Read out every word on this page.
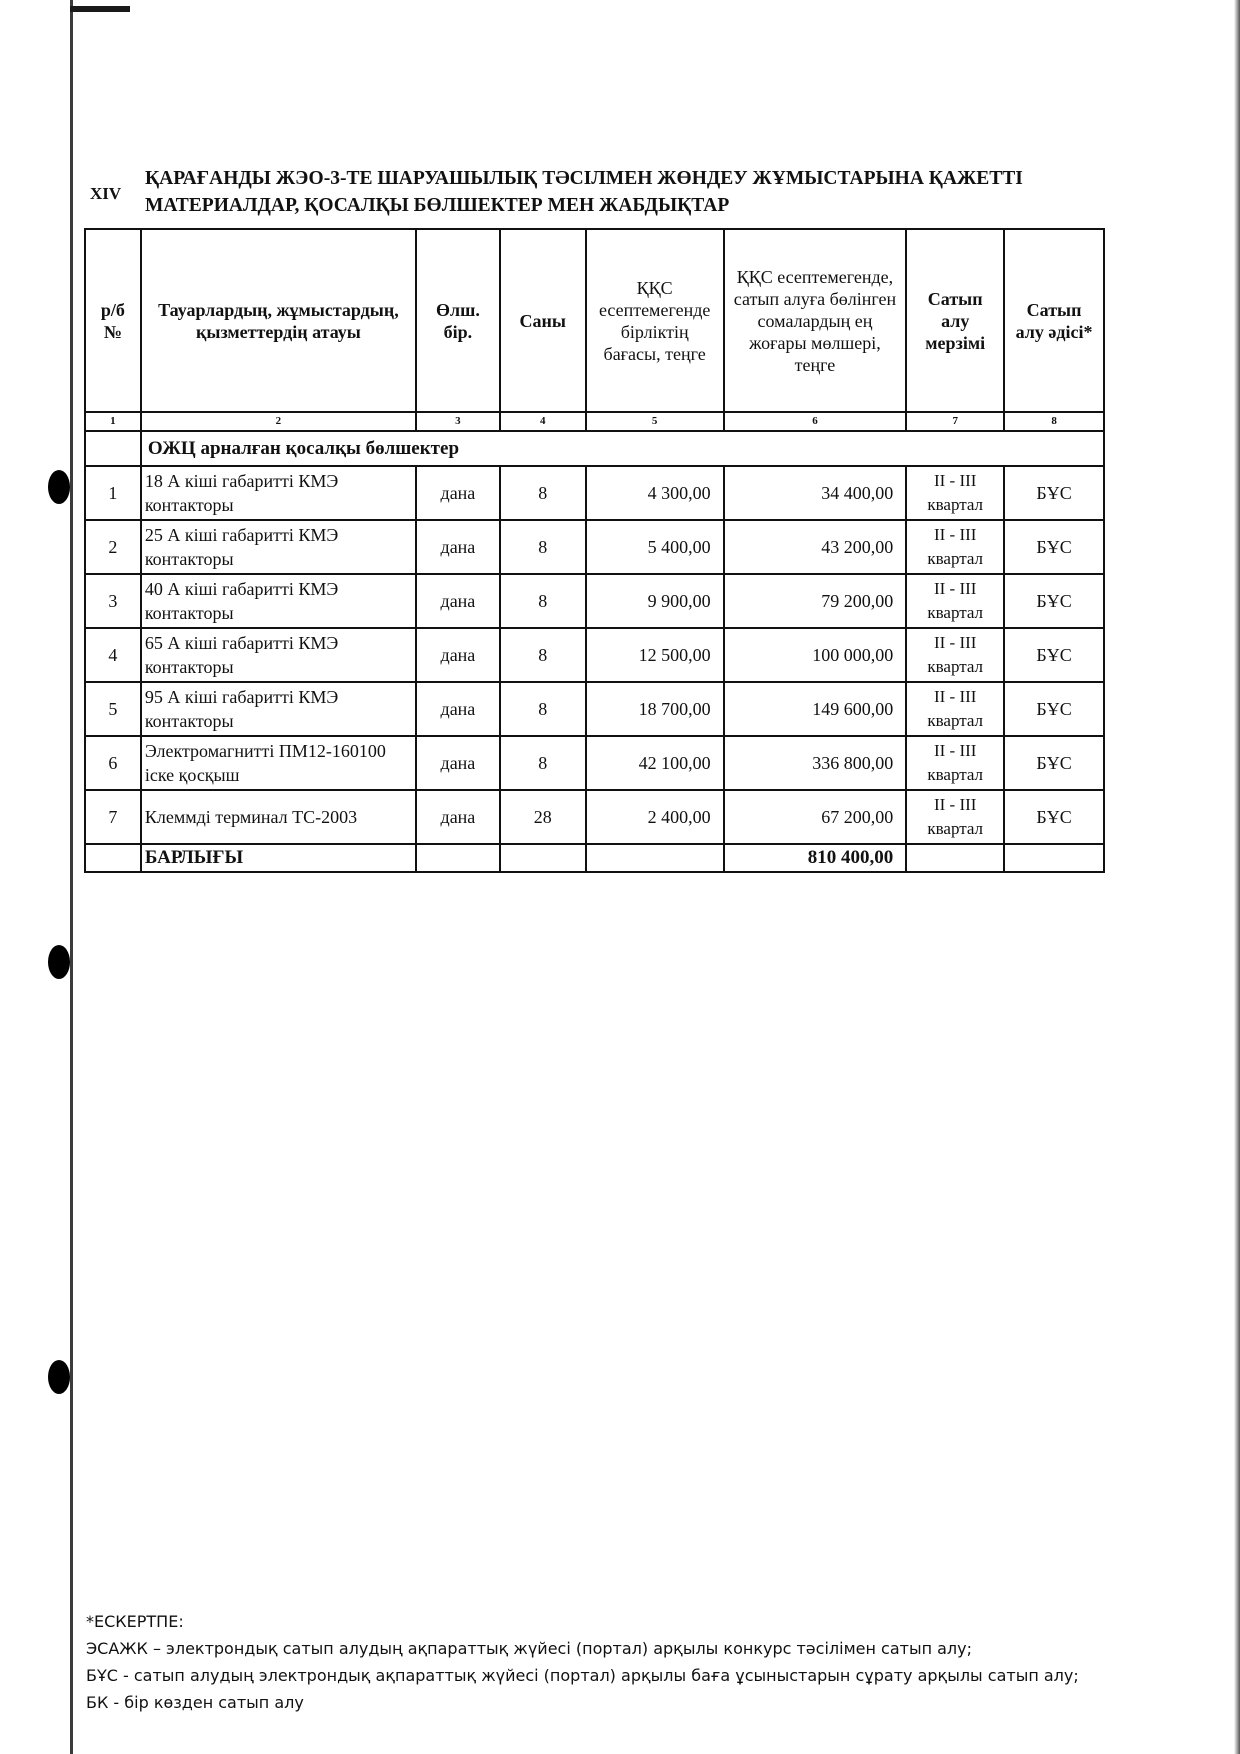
XIV
ҚАРАҒАНДЫ ЖЭО-3-ТЕ ШАРУАШЫЛЫҚ ТӘСІЛМЕН ЖӨНДЕУ ЖҰМЫСТАРЫНА ҚАЖЕТТІ МАТЕРИАЛДАР, ҚОСАЛҚЫ БӨЛШЕКТЕР МЕН ЖАБДЫҚТАР
р/б №	Тауарлардың, жұмыстардың, қызметтердің атауы	Өлш. бір.	Саны	ҚҚС есептемегенде бірліктің бағасы, теңге	ҚҚС есептемегенде, сатып алуға бөлінген сомалардың ең жоғары мөлшері, теңге	Сатып алу мерзімі	Сатып алу әдісі*
1	2	3	4	5	6	7	8
	ОЖЦ арналған қосалқы бөлшектер						
1	18 А кіші габаритті КМЭ контакторы	дана	8	4 300,00	34 400,00	II - III квартал	БҰС
2	25 А кіші габаритті КМЭ контакторы	дана	8	5 400,00	43 200,00	II - III квартал	БҰС
3	40 А кіші габаритті КМЭ контакторы	дана	8	9 900,00	79 200,00	II - III квартал	БҰС
4	65 А кіші габаритті КМЭ контакторы	дана	8	12 500,00	100 000,00	II - III квартал	БҰС
5	95 А кіші габаритті КМЭ контакторы	дана	8	18 700,00	149 600,00	II - III квартал	БҰС
6	Электромагнитті ПМ12-160100 іске қосқыш	дана	8	42 100,00	336 800,00	II - III квартал	БҰС
7	Клеммді терминал ТС-2003	дана	28	2 400,00	67 200,00	II - III квартал	БҰС
	БАРЛЫҒЫ				810 400,00		
*ЕСКЕРТПЕ:
ЭСАЖК – электрондық сатып алудың ақпараттық жүйесі (портал) арқылы конкурс тәсілімен сатып алу;
БҰС - сатып алудың электрондық ақпараттық жүйесі (портал) арқылы баға ұсыныстарын сұрату арқылы сатып алу;
БК - бір көзден сатып алу
